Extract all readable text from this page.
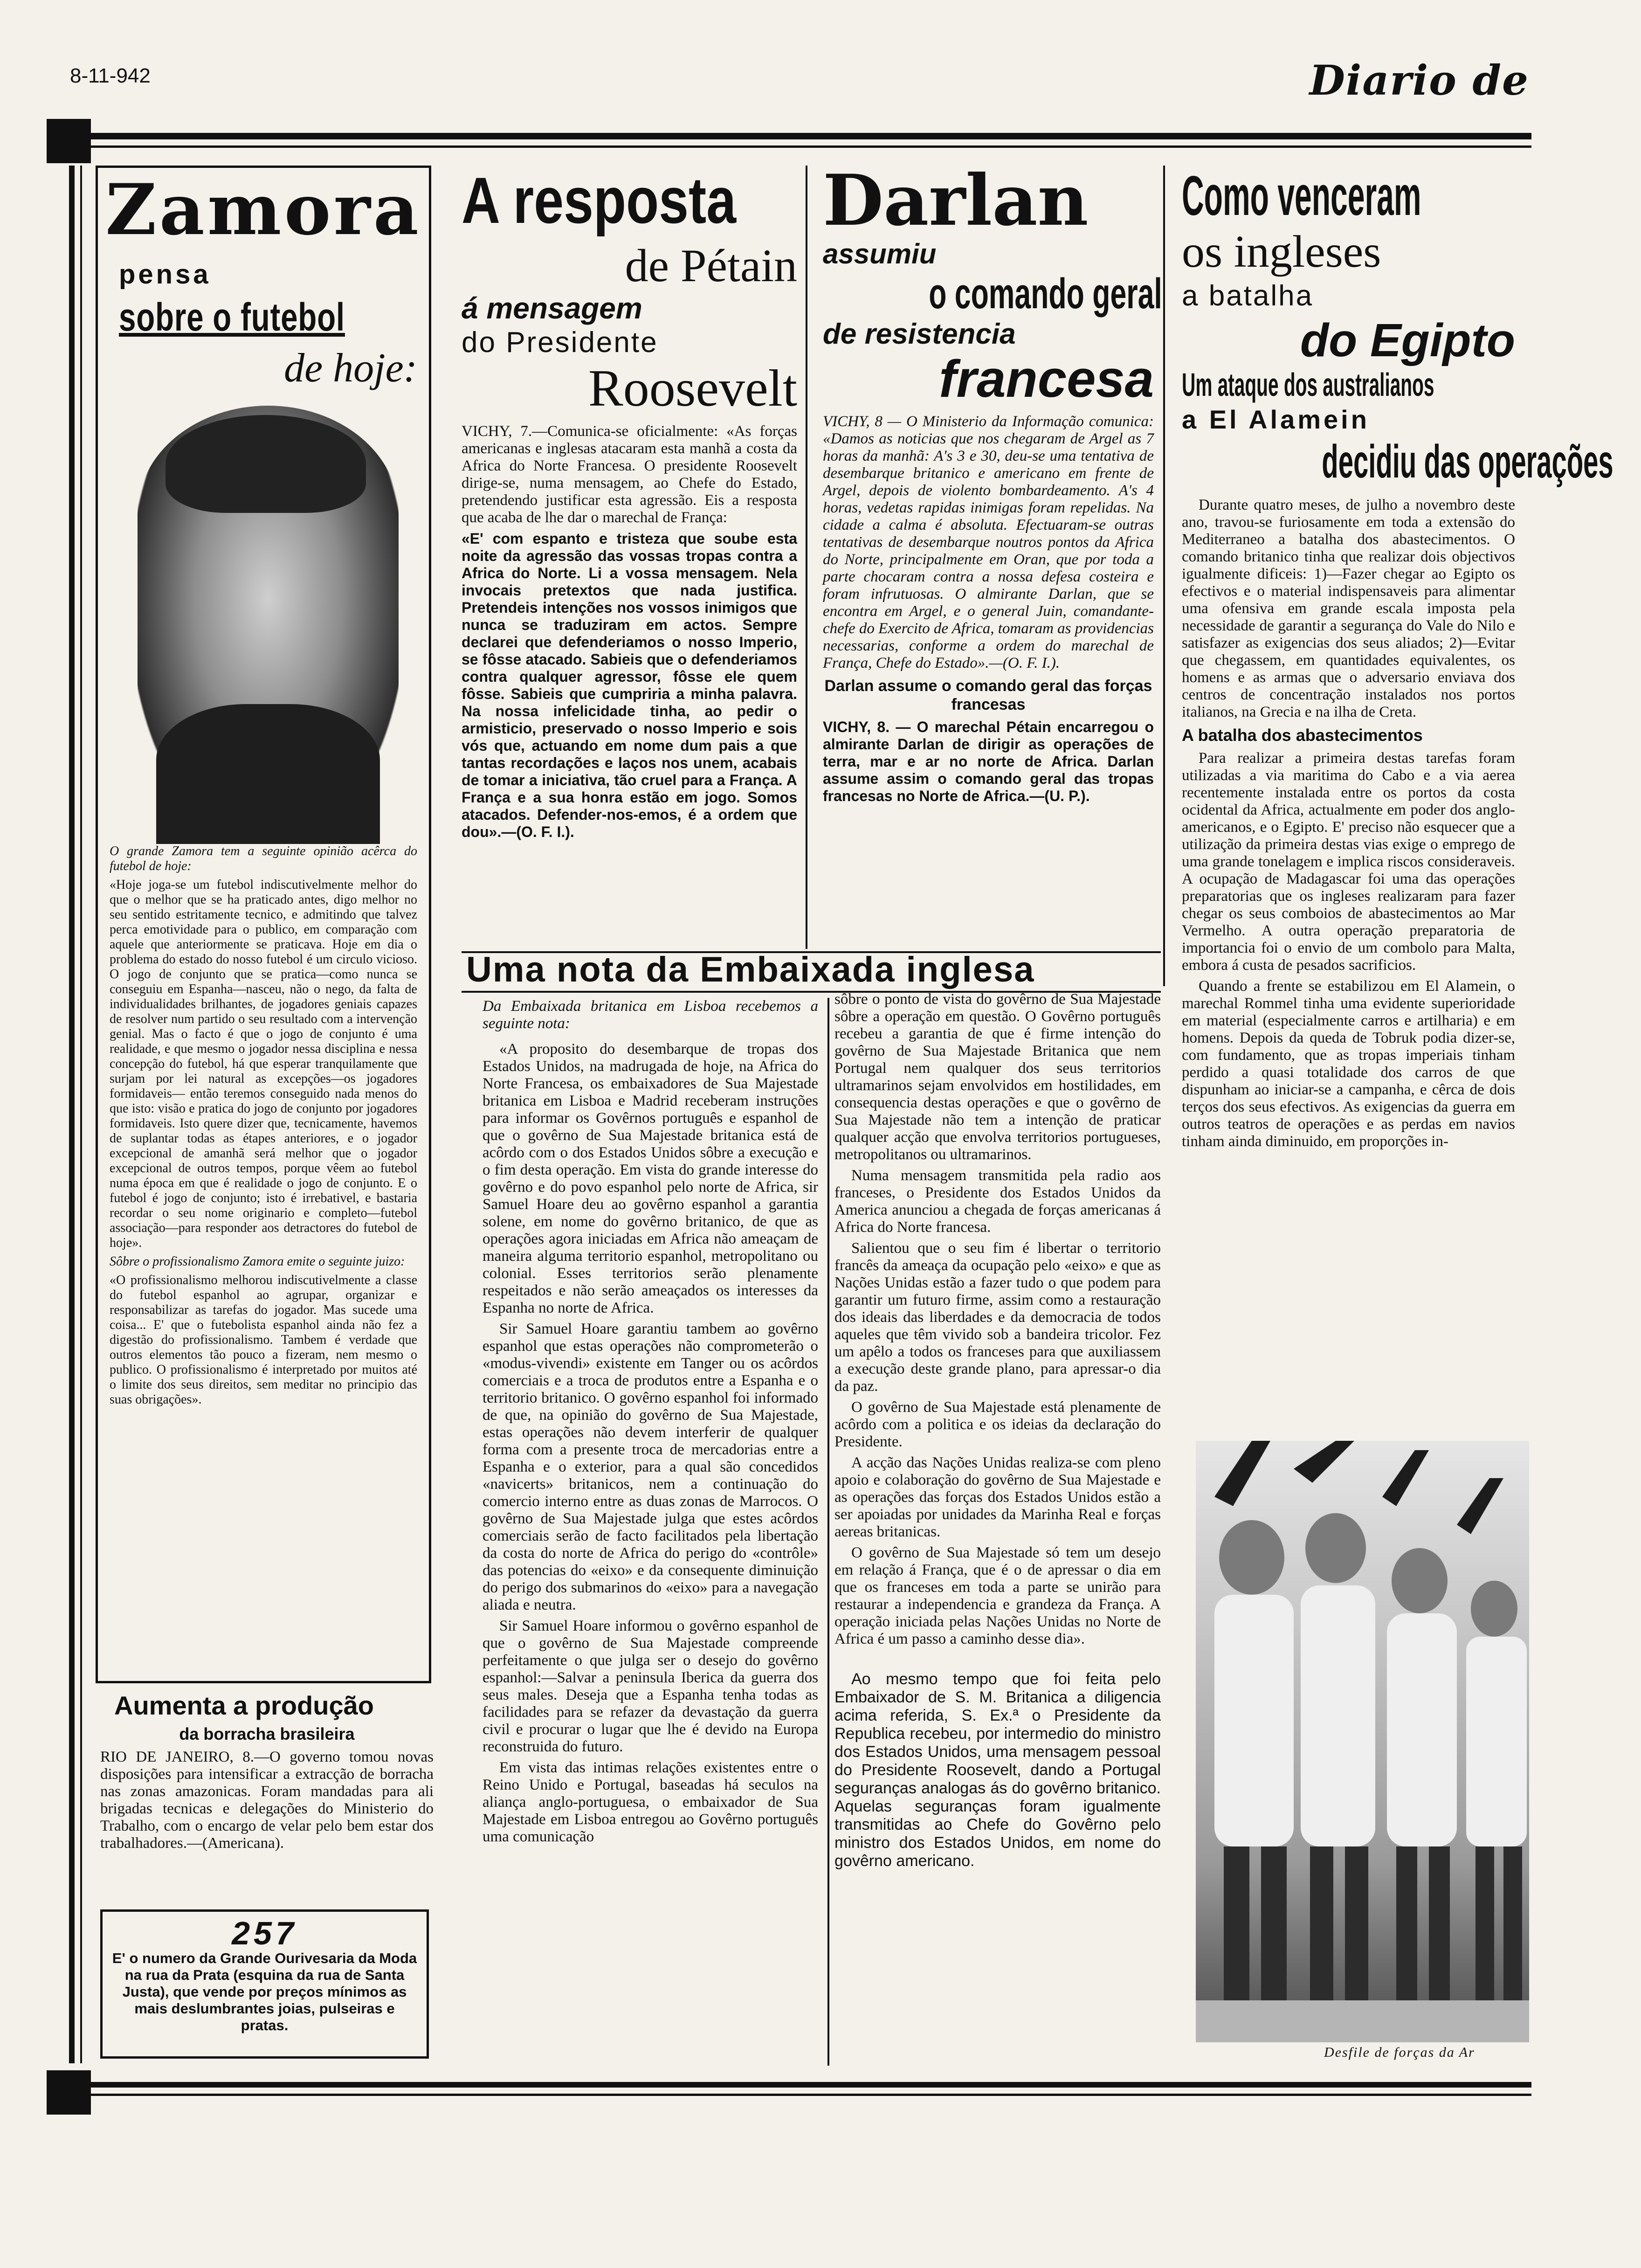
8-11-942	Diario de
Zamora
pensa
sobre o futebol
de hoje:

O grande Zamora tem a seguinte opinião acêrca do futebol de hoje:

«Hoje joga-se um futebol indiscutivelmente melhor do que o melhor que se ha praticado antes, digo melhor no seu sentido estritamente tecnico, e admitindo que talvez perca emotividade para o publico, em comparação com aquele que anteriormente se praticava. Hoje em dia o problema do estado do nosso futebol é um circulo vicioso. O jogo de conjunto que se pratica—como nunca se conseguiu em Espanha—nasceu, não o nego, da falta de individualidades brilhantes, de jogadores geniais capazes de resolver num partido o seu resultado com a intervenção genial. Mas o facto é que o jogo de conjunto é uma realidade, e que mesmo o jogador nessa disciplina e nessa concepção do futebol, há que esperar tranquilamente que surjam por lei natural as excepções—os jogadores formidaveis— então teremos conseguido nada menos do que isto: visão e pratica do jogo de conjunto por jogadores formidaveis. Isto quere dizer que, tecnicamente, havemos de suplantar todas as étapes anteriores, e o jogador excepcional de amanhã será melhor que o jogador excepcional de outros tempos, porque vêem ao futebol numa época em que é realidade o jogo de conjunto. E o futebol é jogo de conjunto; isto é irrebativel, e bastaria recordar o seu nome originario e completo—futebol associação—para responder aos detractores do futebol de hoje».

Sôbre o profissionalismo Zamora emite o seguinte juizo:

«O profissionalismo melhorou indiscutivelmente a classe do futebol espanhol ao agrupar, organizar e responsabilizar as tarefas do jogador. Mas sucede uma coisa... E' que o futebolista espanhol ainda não fez a digestão do profissionalismo. Tambem é verdade que outros elementos tão pouco a fizeram, nem mesmo o publico. O profissionalismo é interpretado por muitos até o limite dos seus direitos, sem meditar no principio das suas obrigações».

Aumenta a produção
da borracha brasileira

RIO DE JANEIRO, 8.—O governo tomou novas disposições para intensificar a extracção de borracha nas zonas amazonicas. Foram mandadas para ali brigadas tecnicas e delegações do Ministerio do Trabalho, com o encargo de velar pelo bem estar dos trabalhadores.—(Americana).

257

E' o numero da Grande Ourivesaria da Moda na rua da Prata (esquina da rua de Santa Justa), que vende por preços mínimos as mais deslumbrantes joias, pulseiras e pratas.

A resposta
de Pétain
á mensagem
do Presidente
Roosevelt

VICHY, 7.—Comunica-se oficialmente: «As forças americanas e inglesas atacaram esta manhã a costa da Africa do Norte Francesa. O presidente Roosevelt dirige-se, numa mensagem, ao Chefe do Estado, pretendendo justificar esta agressão. Eis a resposta que acaba de lhe dar o marechal de França:

«E' com espanto e tristeza que soube esta noite da agressão das vossas tropas contra a Africa do Norte. Li a vossa mensagem. Nela invocais pretextos que nada justifica. Pretendeis intenções nos vossos inimigos que nunca se traduziram em actos. Sempre declarei que defenderiamos o nosso Imperio, se fôsse atacado. Sabieis que o defenderiamos contra qualquer agressor, fôsse ele quem fôsse. Sabieis que cumpriria a minha palavra. Na nossa infelicidade tinha, ao pedir o armisticio, preservado o nosso Imperio e sois vós que, actuando em nome dum pais a que tantas recordações e laços nos unem, acabais de tomar a iniciativa, tão cruel para a França. A França e a sua honra estão em jogo. Somos atacados. Defender-nos-emos, é a ordem que dou».—(O. F. I.).

Darlan
assumiu
o comando geral
de resistencia
francesa

VICHY, 8 — O Ministerio da Informação comunica: «Damos as noticias que nos chegaram de Argel as 7 horas da manhã: A's 3 e 30, deu-se uma tentativa de desembarque britanico e americano em frente de Argel, depois de violento bombardeamento. A's 4 horas, vedetas rapidas inimigas foram repelidas. Na cidade a calma é absoluta. Efectuaram-se outras tentativas de desembarque noutros pontos da Africa do Norte, principalmente em Oran, que por toda a parte chocaram contra a nossa defesa costeira e foram infrutuosas. O almirante Darlan, que se encontra em Argel, e o general Juin, comandante-chefe do Exercito de Africa, tomaram as providencias necessarias, conforme a ordem do marechal de França, Chefe do Estado».—(O. F. I.).

Darlan assume o comando geral das forças francesas

VICHY, 8. — O marechal Pétain encarregou o almirante Darlan de dirigir as operações de terra, mar e ar no norte de Africa. Darlan assume assim o comando geral das tropas francesas no Norte de Africa.—(U. P.).

Uma nota da Embaixada inglesa

Da Embaixada britanica em Lisboa recebemos a seguinte nota:

«A proposito do desembarque de tropas dos Estados Unidos, na madrugada de hoje, na Africa do Norte Francesa, os embaixadores de Sua Majestade britanica em Lisboa e Madrid receberam instruções para informar os Govêrnos português e espanhol de que o govêrno de Sua Majestade britanica está de acôrdo com o dos Estados Unidos sôbre a execução e o fim desta operação. Em vista do grande interesse do govêrno e do povo espanhol pelo norte de Africa, sir Samuel Hoare deu ao govêrno espanhol a garantia solene, em nome do govêrno britanico, de que as operações agora iniciadas em Africa não ameaçam de maneira alguma territorio espanhol, metropolitano ou colonial. Esses territorios serão plenamente respeitados e não serão ameaçados os interesses da Espanha no norte de Africa.

Sir Samuel Hoare garantiu tambem ao govêrno espanhol que estas operações não comprometerão o «modus-vivendi» existente em Tanger ou os acôrdos comerciais e a troca de produtos entre a Espanha e o territorio britanico. O govêrno espanhol foi informado de que, na opinião do govêrno de Sua Majestade, estas operações não devem interferir de qualquer forma com a presente troca de mercadorias entre a Espanha e o exterior, para a qual são concedidos «navicerts» britanicos, nem a continuação do comercio interno entre as duas zonas de Marrocos. O govêrno de Sua Majestade julga que estes acôrdos comerciais serão de facto facilitados pela libertação da costa do norte de Africa do perigo do «contrôle» das potencias do «eixo» e da consequente diminuição do perigo dos submarinos do «eixo» para a navegação aliada e neutra.

Sir Samuel Hoare informou o govêrno espanhol de que o govêrno de Sua Majestade compreende perfeitamente o que julga ser o desejo do govêrno espanhol:—Salvar a peninsula Iberica da guerra dos seus males. Deseja que a Espanha tenha todas as facilidades para se refazer da devastação da guerra civil e procurar o lugar que lhe é devido na Europa reconstruida do futuro.

Em vista das intimas relações existentes entre o Reino Unido e Portugal, baseadas há seculos na aliança anglo-portuguesa, o embaixador de Sua Majestade em Lisboa entregou ao Govêrno português uma comunicação

sôbre o ponto de vista do govêrno de Sua Majestade sôbre a operação em questão. O Govêrno português recebeu a garantia de que é firme intenção do govêrno de Sua Majestade Britanica que nem Portugal nem qualquer dos seus territorios ultramarinos sejam envolvidos em hostilidades, em consequencia destas operações e que o govêrno de Sua Majestade não tem a intenção de praticar qualquer acção que envolva territorios portugueses, metropolitanos ou ultramarinos.

Numa mensagem transmitida pela radio aos franceses, o Presidente dos Estados Unidos da America anunciou a chegada de forças americanas á Africa do Norte francesa.

Salientou que o seu fim é libertar o territorio francês da ameaça da ocupação pelo «eixo» e que as Nações Unidas estão a fazer tudo o que podem para garantir um futuro firme, assim como a restauração dos ideais das liberdades e da democracia de todos aqueles que têm vivido sob a bandeira tricolor. Fez um apêlo a todos os franceses para que auxiliassem a execução deste grande plano, para apressar-o dia da paz.

O govêrno de Sua Majestade está plenamente de acôrdo com a politica e os ideias da declaração do Presidente.

A acção das Nações Unidas realiza-se com pleno apoio e colaboração do govêrno de Sua Majestade e as operações das forças dos Estados Unidos estão a ser apoiadas por unidades da Marinha Real e forças aereas britanicas.

O govêrno de Sua Majestade só tem um desejo em relação á França, que é o de apressar o dia em que os franceses em toda a parte se unirão para restaurar a independencia e grandeza da França. A operação iniciada pelas Nações Unidas no Norte de Africa é um passo a caminho desse dia».

Ao mesmo tempo que foi feita pelo Embaixador de S. M. Britanica a diligencia acima referida, S. Ex.ª o Presidente da Republica recebeu, por intermedio do ministro dos Estados Unidos, uma mensagem pessoal do Presidente Roosevelt, dando a Portugal seguranças analogas ás do govêrno britanico. Aquelas seguranças foram igualmente transmitidas ao Chefe do Govêrno pelo ministro dos Estados Unidos, em nome do govêrno americano.

Como venceram
os ingleses
a batalha
do Egipto
Um ataque dos australianos
a El Alamein
decidiu das operações

Durante quatro meses, de julho a novembro deste ano, travou-se furiosamente em toda a extensão do Mediterraneo a batalha dos abastecimentos. O comando britanico tinha que realizar dois objectivos igualmente dificeis: 1)—Fazer chegar ao Egipto os efectivos e o material indispensaveis para alimentar uma ofensiva em grande escala imposta pela necessidade de garantir a segurança do Vale do Nilo e satisfazer as exigencias dos seus aliados; 2)—Evitar que chegassem, em quantidades equivalentes, os homens e as armas que o adversario enviava dos centros de concentração instalados nos portos italianos, na Grecia e na ilha de Creta.

A batalha dos abastecimentos

Para realizar a primeira destas tarefas foram utilizadas a via maritima do Cabo e a via aerea recentemente instalada entre os portos da costa ocidental da Africa, actualmente em poder dos anglo-americanos, e o Egipto. E' preciso não esquecer que a utilização da primeira destas vias exige o emprego de uma grande tonelagem e implica riscos consideraveis. A ocupação de Madagascar foi uma das operações preparatorias que os ingleses realizaram para fazer chegar os seus comboios de abastecimentos ao Mar Vermelho. A outra operação preparatoria de importancia foi o envio de um combolo para Malta, embora á custa de pesados sacrificios.

Quando a frente se estabilizou em El Alamein, o marechal Rommel tinha uma evidente superioridade em material (especialmente carros e artilharia) e em homens. Depois da queda de Tobruk podia dizer-se, com fundamento, que as tropas imperiais tinham perdido a quasi totalidade dos carros de que dispunham ao iniciar-se a campanha, e cêrca de dois terços dos seus efectivos. As exigencias da guerra em outros teatros de operações e as perdas em navios tinham ainda diminuido, em proporções in-

Desfile de forças da Ar
